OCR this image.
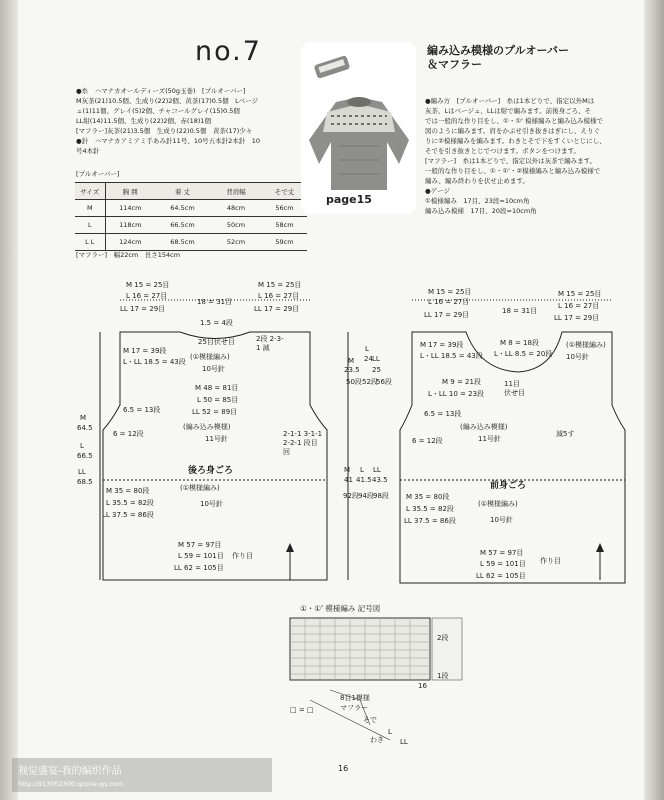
no.7	編み込み模様のプルオーバー
＆マフラー
●糸　ハマナカオールディーズ(50g玉巻)　[プルオーバー]
M灰茶(21)10.5個、生成り(22)2個、黄茶(17)0.5個　Lベージ
ュ(1)11個、グレイ(5)2個、チャコールグレイ(15)0.5個
LL紺(14)11.5個、生成り(22)2個、赤(18)1個
[マフラー]灰茶(21)3.5個　生成り(22)0.5個　黄茶(17)少々
●針　ハマナカアミアミ手あみ針11号、10号五本針2本針　10
号4本針
[プルオーバー]
サイズ	胸 囲	着 丈	背肩幅	そで丈
M	114cm	64.5cm	48cm	56cm
L	118cm	66.5cm	50cm	58cm
L L	124cm	68.5cm	52cm	59cm
[マフラー]　幅22cm　長さ154cm
page15
●編み方　[プルオーバー]　糸は1本どりで、指定以外Mは
灰茶、Lはベージュ、LLは紺で編みます。前後身ごろ、そ
では一般的な作り目をし、①・①' 模様編みと編み込み模様で
図のように編みます。肩をかぶせ引き抜きはぎにし、えりぐ
りに②模様編みを編みます。わきとそで下をすくいとじにし、
そでを引き抜きとじでつけます。ボタンをつけます。
[マフラー]　糸は1本どりで、指定以外は灰茶で編みます。
一般的な作り目をし、①・①'・②模様編みと編み込み模様で
編み、編み終わりを伏せ止めます。
●ゲージ
①模様編み　17目、23段=10cm角
編み込み模様　17目、20段=10cm角
M 15 = 25目
L 16 = 27目
LL 17 = 29目
18 = 31目
M 15 = 25目
L 16 = 27目
LL 17 = 29目
1.5 = 4段
25目伏せ目	2段 2-3-1 減
M 17 = 39段
L・LL 18.5 = 43段
(①模様編み)
10号針
M 48 = 81目
L 50 = 85目
LL 52 = 89目
6.5 = 13段
6 = 12段
(編み込み模様)
11号針
2-1-1 3-1-1 2-2-1 段目回
後ろ身ごろ
(①模様編み)
10号針
M 35 = 80段
L 35.5 = 82段
LL 37.5 = 86段
M 57 = 97目
L 59 = 101目
LL 62 = 105目
作り目
M
64.5
L
66.5
LL
68.5
M
23.5
50段
L
24
52段
LL
25
56段
M
41
92段
L
41.5
94段
LL
43.5
98段
M 15 = 25目
L 16 = 27目
LL 17 = 29目	18 = 31目
M 15 = 25目
L 16 = 27目
LL 17 = 29目
M 17 = 39段
L・LL 18.5 = 43段
M 8 = 18段
L・LL 8.5 = 20段
M 9 = 21段
L・LL 10 = 23段
(①模様編み)
10号針
11目伏せ目
6.5 = 13段
6 = 12段
(編み込み模様)
11号針
減5す
前身ごろ
(①模様編み)
10号針
M 35 = 80段
L 35.5 = 82段
LL 37.5 = 86段
M 57 = 97目
L 59 = 101目
LL 62 = 105目
作り目
①・①' 模様編み 記号図
2段
1段
16
8目1模様
マフラー
□ = □
そで
わき
L
LL
16
视觉盛宴-我的编织作品
http://913002300.qzone.qq.com
